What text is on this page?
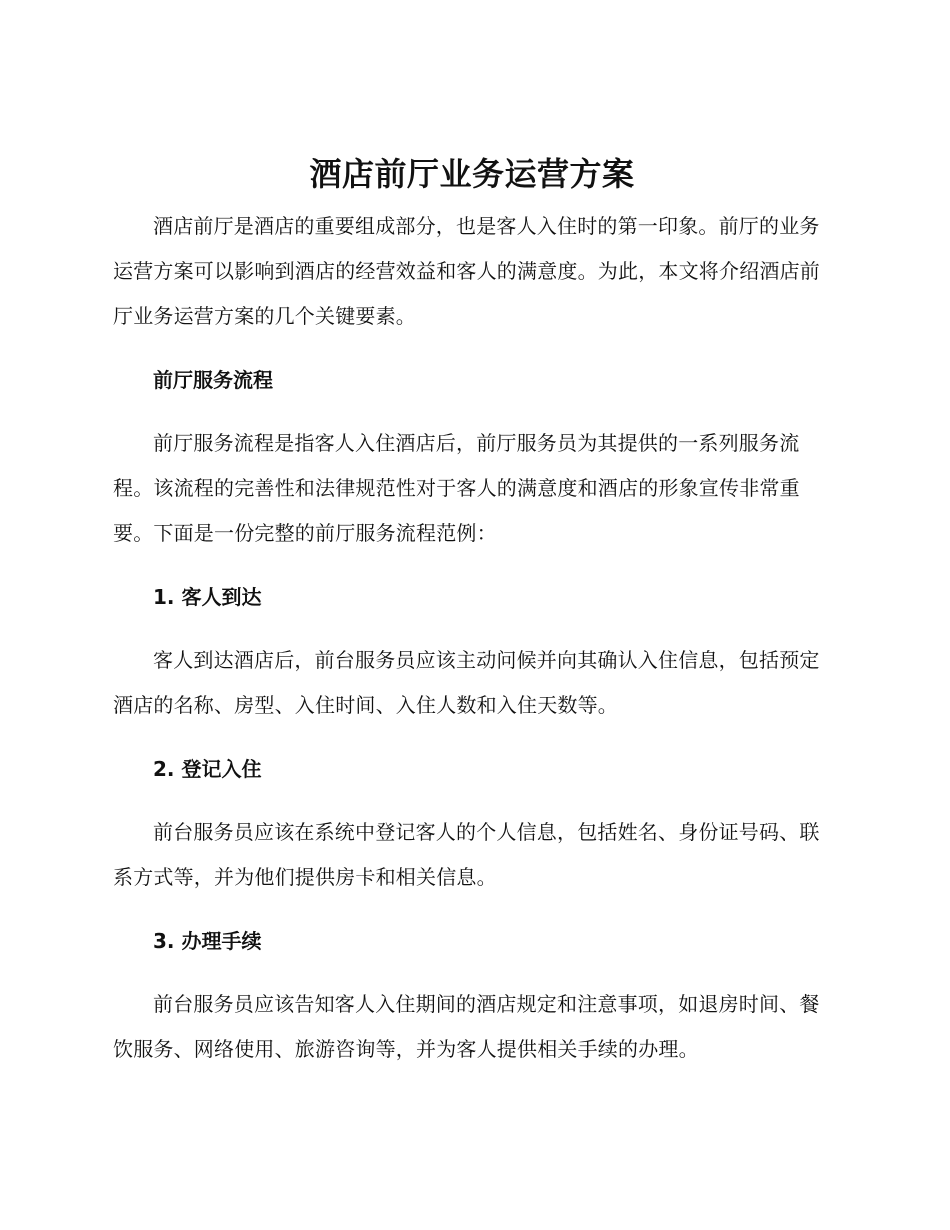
酒店前厅业务运营方案

酒店前厅是酒店的重要组成部分，也是客人入住时的第一印象。前厅的业务运营方案可以影响到酒店的经营效益和客人的满意度。为此，本文将介绍酒店前厅业务运营方案的几个关键要素。

前厅服务流程

前厅服务流程是指客人入住酒店后，前厅服务员为其提供的一系列服务流程。该流程的完善性和法律规范性对于客人的满意度和酒店的形象宣传非常重要。下面是一份完整的前厅服务流程范例：

1. 客人到达

客人到达酒店后，前台服务员应该主动问候并向其确认入住信息，包括预定酒店的名称、房型、入住时间、入住人数和入住天数等。

2. 登记入住

前台服务员应该在系统中登记客人的个人信息，包括姓名、身份证号码、联系方式等，并为他们提供房卡和相关信息。

3. 办理手续

前台服务员应该告知客人入住期间的酒店规定和注意事项，如退房时间、餐饮服务、网络使用、旅游咨询等，并为客人提供相关手续的办理。
